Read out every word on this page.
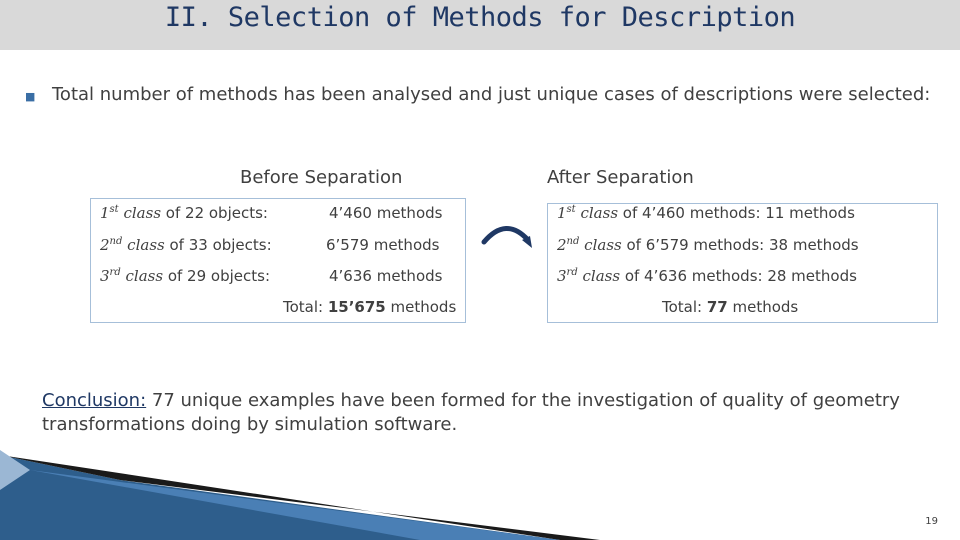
II. Selection of Methods for Description
■ Total number of methods has been analysed and just unique cases of descriptions were selected:
Before Separation	After Separation
1st class of 22 objects:	4’460 methods
2nd class of 33 objects:	6’579 methods
3rd class of 29 objects:	4’636 methods
Total: 15’675 methods
1st class of 4’460 methods: 11 methods
2nd class of 6’579 methods: 38 methods
3rd class of 4’636 methods: 28 methods
Total: 77 methods
Conclusion: 77 unique examples have been formed for the investigation of quality of geometry transformations doing by simulation software.
19
